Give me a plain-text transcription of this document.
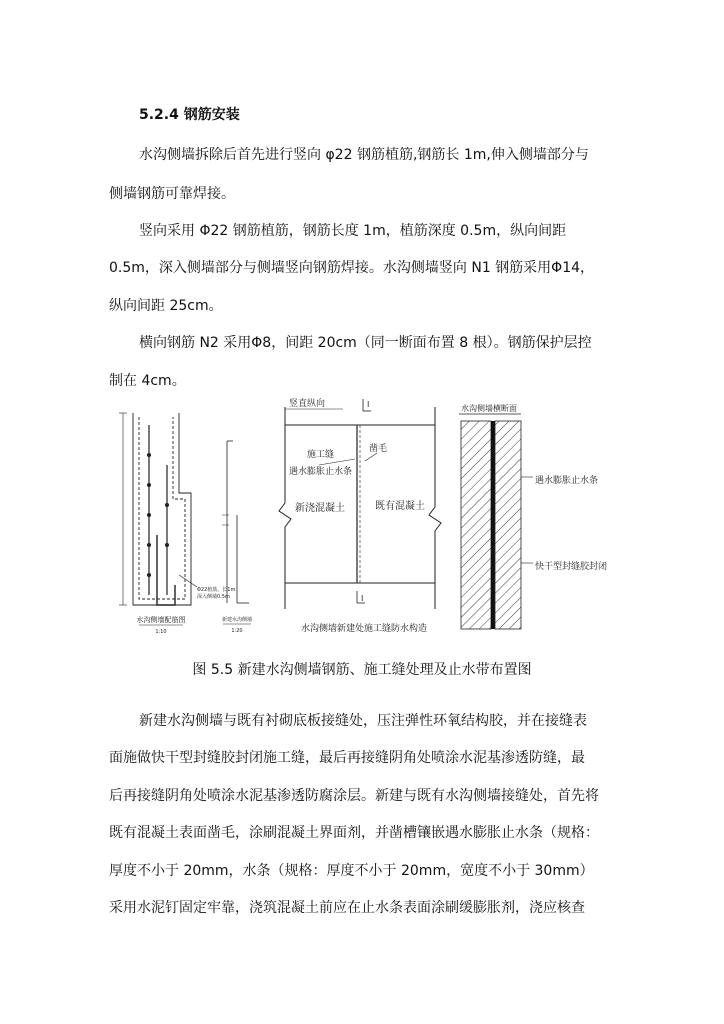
5.2.4 钢筋安装
水沟侧墙拆除后首先进行竖向 φ22 钢筋植筋,钢筋长 1m,伸入侧墙部分与
侧墙钢筋可靠焊接。
竖向采用 Φ22 钢筋植筋，钢筋长度 1m，植筋深度 0.5m，纵向间距
0.5m，深入侧墙部分与侧墙竖向钢筋焊接。水沟侧墙竖向 N1 钢筋采用Φ14，
纵向间距 25cm。
横向钢筋 N2 采用Φ8，间距 20cm（同一断面布置 8 根）。钢筋保护层控
制在 4cm。
Φ22植筋，长1m
深入侧墙0.5m
水沟侧墙配筋图
1:10
新建水沟侧墙
1:20
竖直纵向	I
施工缝
遇水膨胀止水条
凿毛
新浇混凝土	既有混凝土
I
水沟侧墙新建处施工缝防水构造
水沟侧墙横断面
遇水膨胀止水条
快干型封缝胶封闭
图 5.5 新建水沟侧墙钢筋、施工缝处理及止水带布置图
新建水沟侧墙与既有衬砌底板接缝处，压注弹性环氧结构胶，并在接缝表
面施做快干型封缝胶封闭施工缝，最后再接缝阴角处喷涂水泥基渗透防缝，最
后再接缝阴角处喷涂水泥基渗透防腐涂层。新建与既有水沟侧墙接缝处，首先将
既有混凝土表面凿毛，涂刷混凝土界面剂，并凿槽镶嵌遇水膨胀止水条（规格：
厚度不小于 20mm，水条（规格：厚度不小于 20mm，宽度不小于 30mm）
采用水泥钉固定牢靠，浇筑混凝土前应在止水条表面涂刷缓膨胀剂，浇应核查
